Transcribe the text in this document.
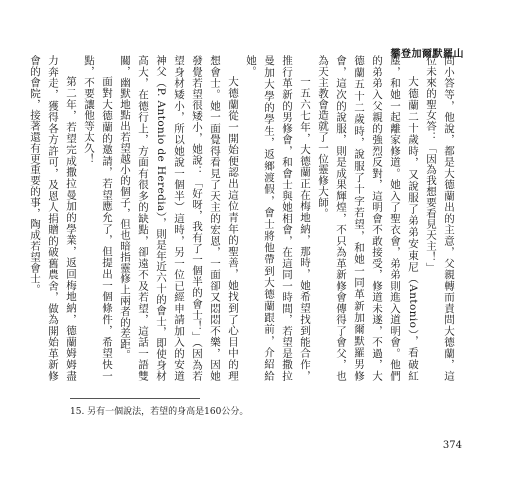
攀登加爾默羅山

問小答等，他說，都是大德蘭出的主意，父親轉而責問大德蘭，這位未來的聖女答：「因為我想要看見天主！」

大德蘭二十歲時，又說服了弟弟安東尼（Antonio），看破紅塵，和她一起離家修道。她入了聖衣會，弟弟則進入道明會。他們的弟弟入父親的強烈反對，這明會不敢接受，修道未遂，不過，大德蘭五十二歲時，說服了十字若望，和她一同革新加爾默羅男修會，這次的說服，則是成果輝煌，不只為革新修會傳得了會父，也為天主教會造就了一位靈修大師。

一五六七年，大德蘭正在梅地納，那時，她希望找到能合作，推行革新的男修會，和會士與她相會，在這同一時間，若望是撒拉曼加大學的學生，返鄉渡假，會士將他帶到大德蘭跟前，介紹給她。

大德蘭從一開始便認出這位青年的聖善，她找到了心目中的理想會士。她一面覺得看見了天主的宏恩，一面卻又悶悶不樂，因她發覺若望很矮小，她說：「好呀，我有了一個半的會士！」（因為若望身材矮小，所以她說一個半）這時，另一位已經申請加入的安道神父（P. Antonio de Heredia），則是年近六十的會士，即使身材高大，在德行上，方面有很多的缺點，卻遠不及若望，這話一語雙關，幽默地點出若望越小的個子，但也暗指靈修上兩者的差距。

面對大德蘭的邀請，若望應允了，但提出一個條件，希望快一點，不要讓他等太久！

第二年，若望完成撒拉曼加的學業，返回梅地納，德蘭姆姆盡力奔走，獲得各方許可，及恩人捐贈的破舊農舍，做為開始革新修會的會院，接著還有更重要的事，陶成若望會士。

15. 另有一個說法，若望的身高是160公分。
374
